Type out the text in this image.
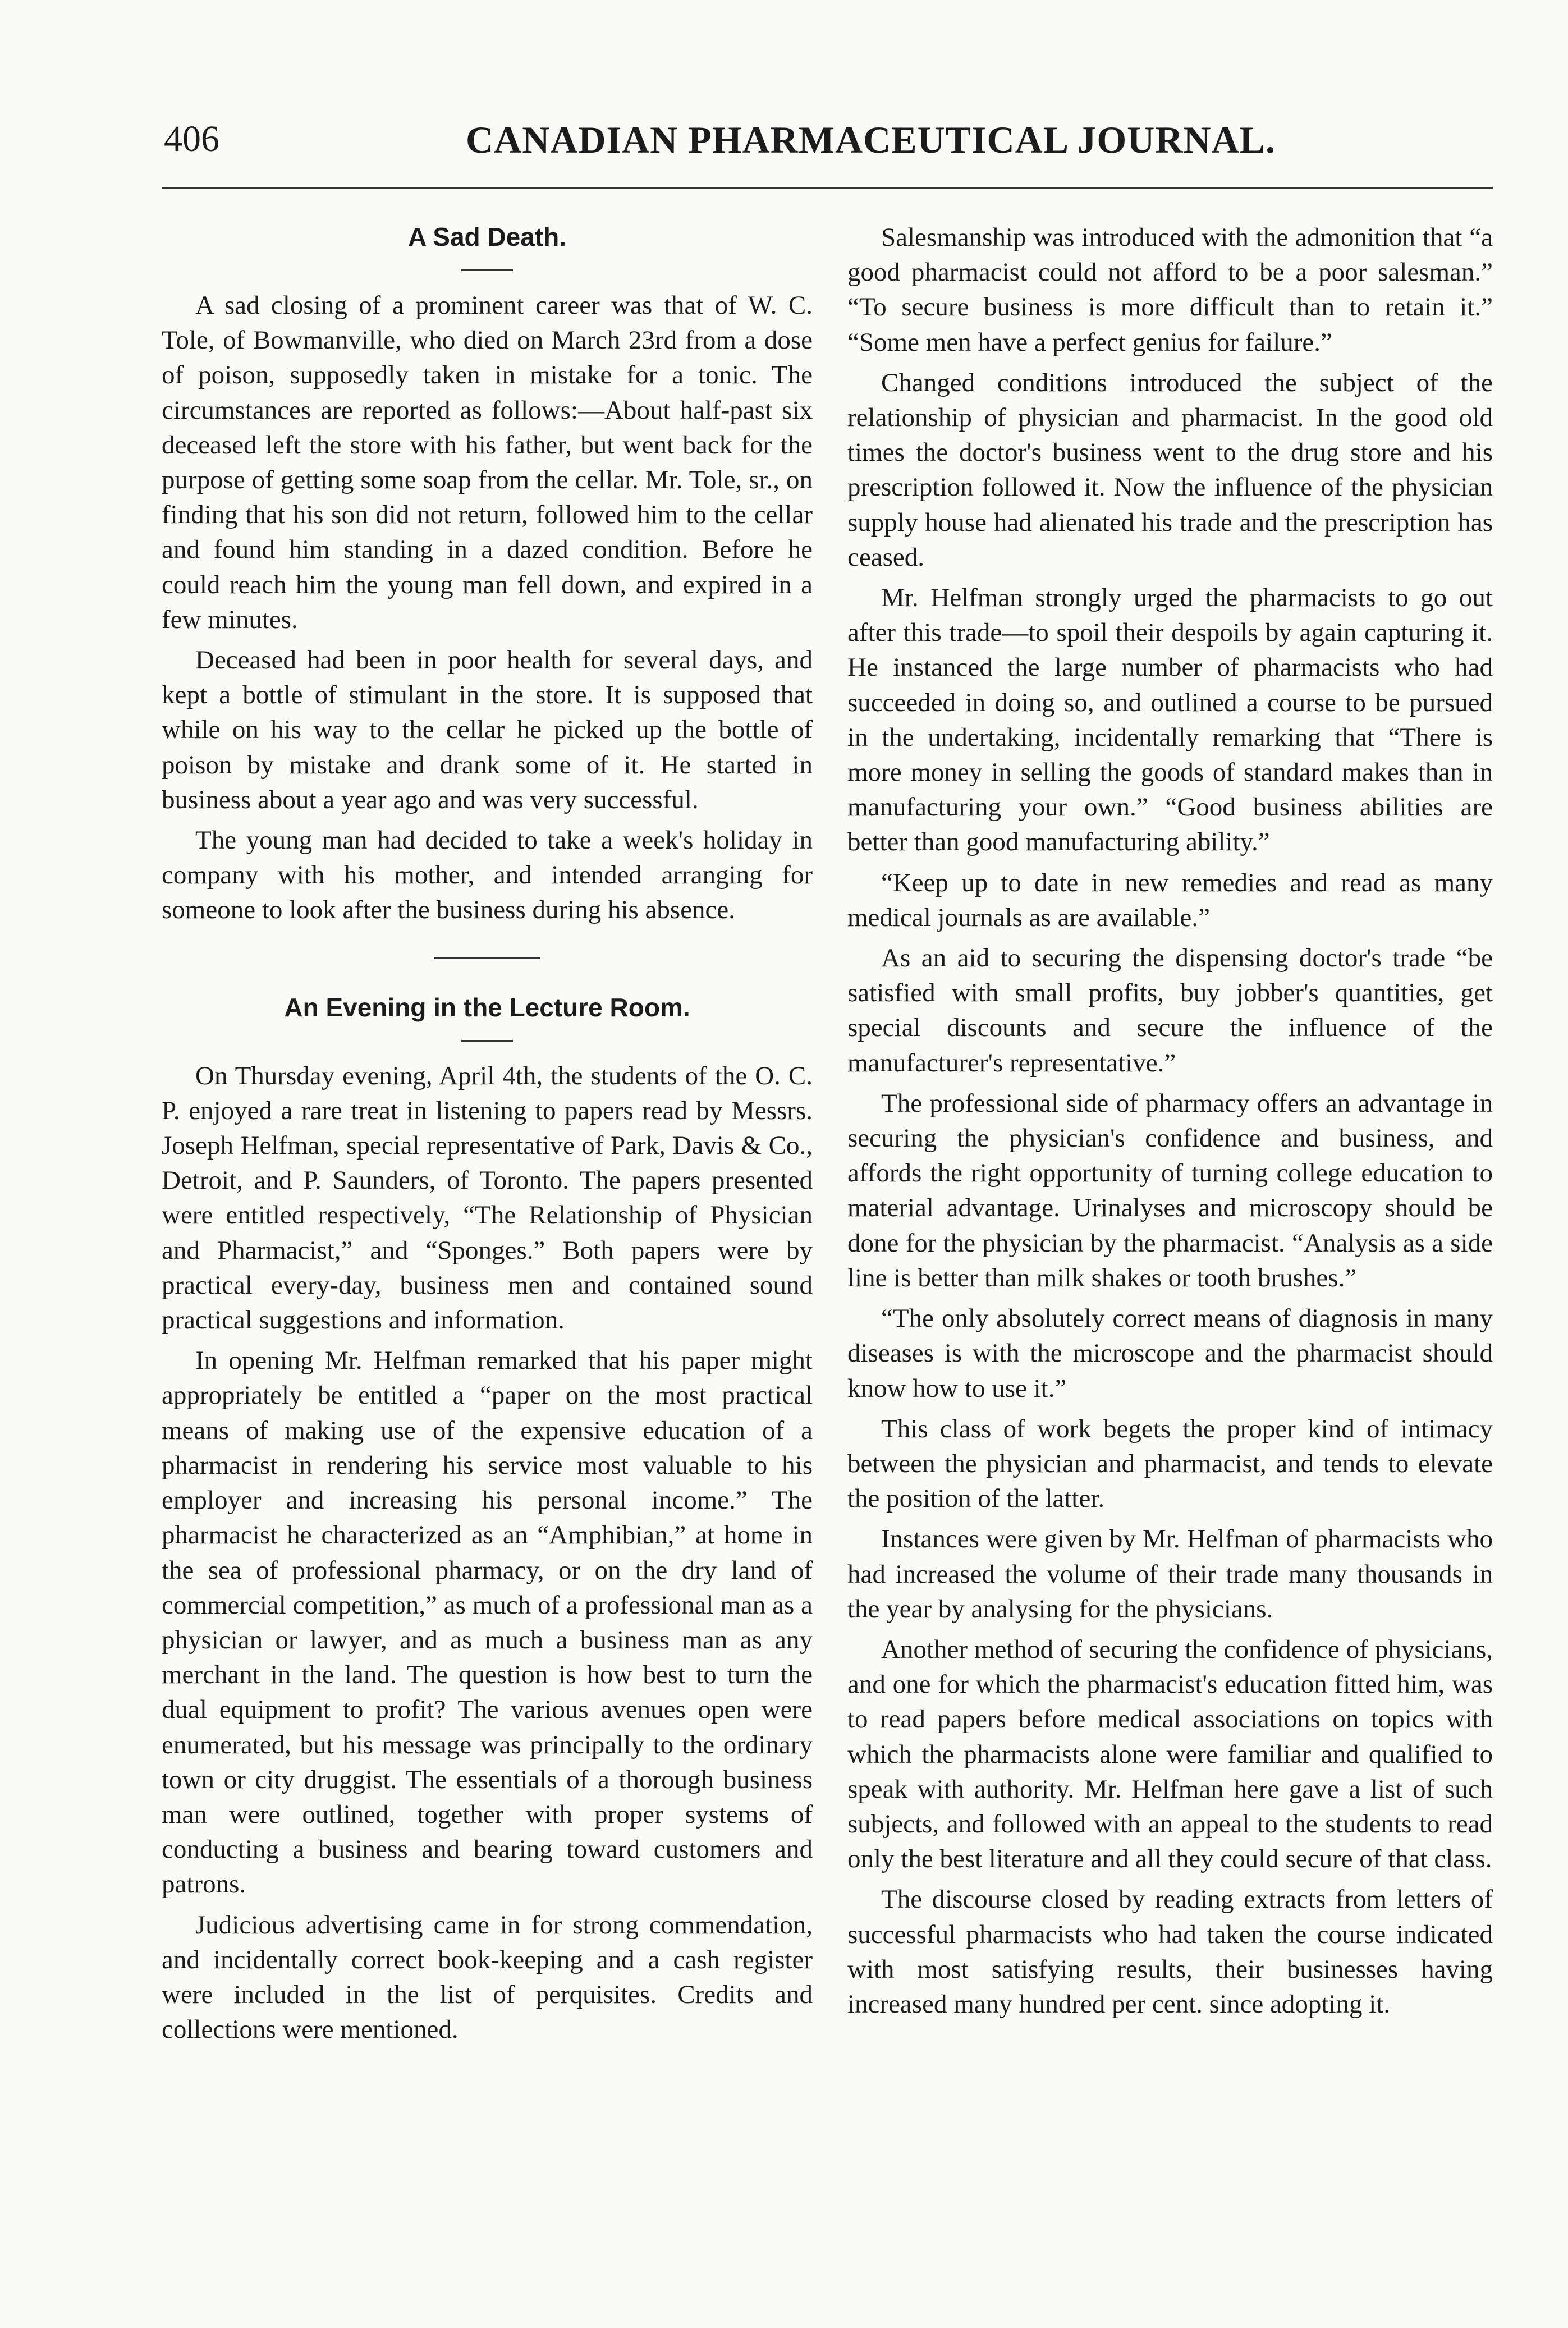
406	CANADIAN PHARMACEUTICAL JOURNAL.
A Sad Death.

A sad closing of a prominent career was that of W. C. Tole, of Bowmanville, who died on March 23rd from a dose of poison, supposedly taken in mistake for a tonic. The circumstances are reported as follows:—About half-past six deceased left the store with his father, but went back for the purpose of getting some soap from the cellar. Mr. Tole, sr., on finding that his son did not return, followed him to the cellar and found him standing in a dazed condition. Before he could reach him the young man fell down, and expired in a few minutes.

Deceased had been in poor health for several days, and kept a bottle of stimulant in the store. It is supposed that while on his way to the cellar he picked up the bottle of poison by mistake and drank some of it. He started in business about a year ago and was very successful.

The young man had decided to take a week's holiday in company with his mother, and intended arranging for someone to look after the business during his absence.

An Evening in the Lecture Room.

On Thursday evening, April 4th, the students of the O. C. P. enjoyed a rare treat in listening to papers read by Messrs. Joseph Helfman, special representative of Park, Davis & Co., Detroit, and P. Saunders, of Toronto. The papers presented were entitled respectively, “The Relationship of Physician and Pharmacist,” and “Sponges.” Both papers were by practical every-day, business men and contained sound practical suggestions and information.

In opening Mr. Helfman remarked that his paper might appropriately be entitled a “paper on the most practical means of making use of the expensive education of a pharmacist in rendering his service most valuable to his employer and increasing his personal income.” The pharmacist he characterized as an “Amphibian,” at home in the sea of professional pharmacy, or on the dry land of commercial competition,” as much of a professional man as a physician or lawyer, and as much a business man as any merchant in the land. The question is how best to turn the dual equipment to profit? The various avenues open were enumerated, but his message was principally to the ordinary town or city druggist. The essentials of a thorough business man were outlined, together with proper systems of conducting a business and bearing toward customers and patrons.

Judicious advertising came in for strong commendation, and incidentally correct book-keeping and a cash register were included in the list of perquisites. Credits and collections were mentioned.

Salesmanship was introduced with the admonition that “a good pharmacist could not afford to be a poor salesman.” “To secure business is more difficult than to retain it.” “Some men have a perfect genius for failure.”

Changed conditions introduced the subject of the relationship of physician and pharmacist. In the good old times the doctor's business went to the drug store and his prescription followed it. Now the influence of the physician supply house had alienated his trade and the prescription has ceased.

Mr. Helfman strongly urged the pharmacists to go out after this trade—to spoil their despoils by again capturing it. He instanced the large number of pharmacists who had succeeded in doing so, and outlined a course to be pursued in the undertaking, incidentally remarking that “There is more money in selling the goods of standard makes than in manufacturing your own.” “Good business abilities are better than good manufacturing ability.”

“Keep up to date in new remedies and read as many medical journals as are available.”

As an aid to securing the dispensing doctor's trade “be satisfied with small profits, buy jobber's quantities, get special discounts and secure the influence of the manufacturer's representative.”

The professional side of pharmacy offers an advantage in securing the physician's confidence and business, and affords the right opportunity of turning college education to material advantage. Urinalyses and microscopy should be done for the physician by the pharmacist. “Analysis as a side line is better than milk shakes or tooth brushes.”

“The only absolutely correct means of diagnosis in many diseases is with the microscope and the pharmacist should know how to use it.”

This class of work begets the proper kind of intimacy between the physician and pharmacist, and tends to elevate the position of the latter.

Instances were given by Mr. Helfman of pharmacists who had increased the volume of their trade many thousands in the year by analysing for the physicians.

Another method of securing the confidence of physicians, and one for which the pharmacist's education fitted him, was to read papers before medical associations on topics with which the pharmacists alone were familiar and qualified to speak with authority. Mr. Helfman here gave a list of such subjects, and followed with an appeal to the students to read only the best literature and all they could secure of that class.

The discourse closed by reading extracts from letters of successful pharmacists who had taken the course indicated with most satisfying results, their businesses having increased many hundred per cent. since adopting it.
